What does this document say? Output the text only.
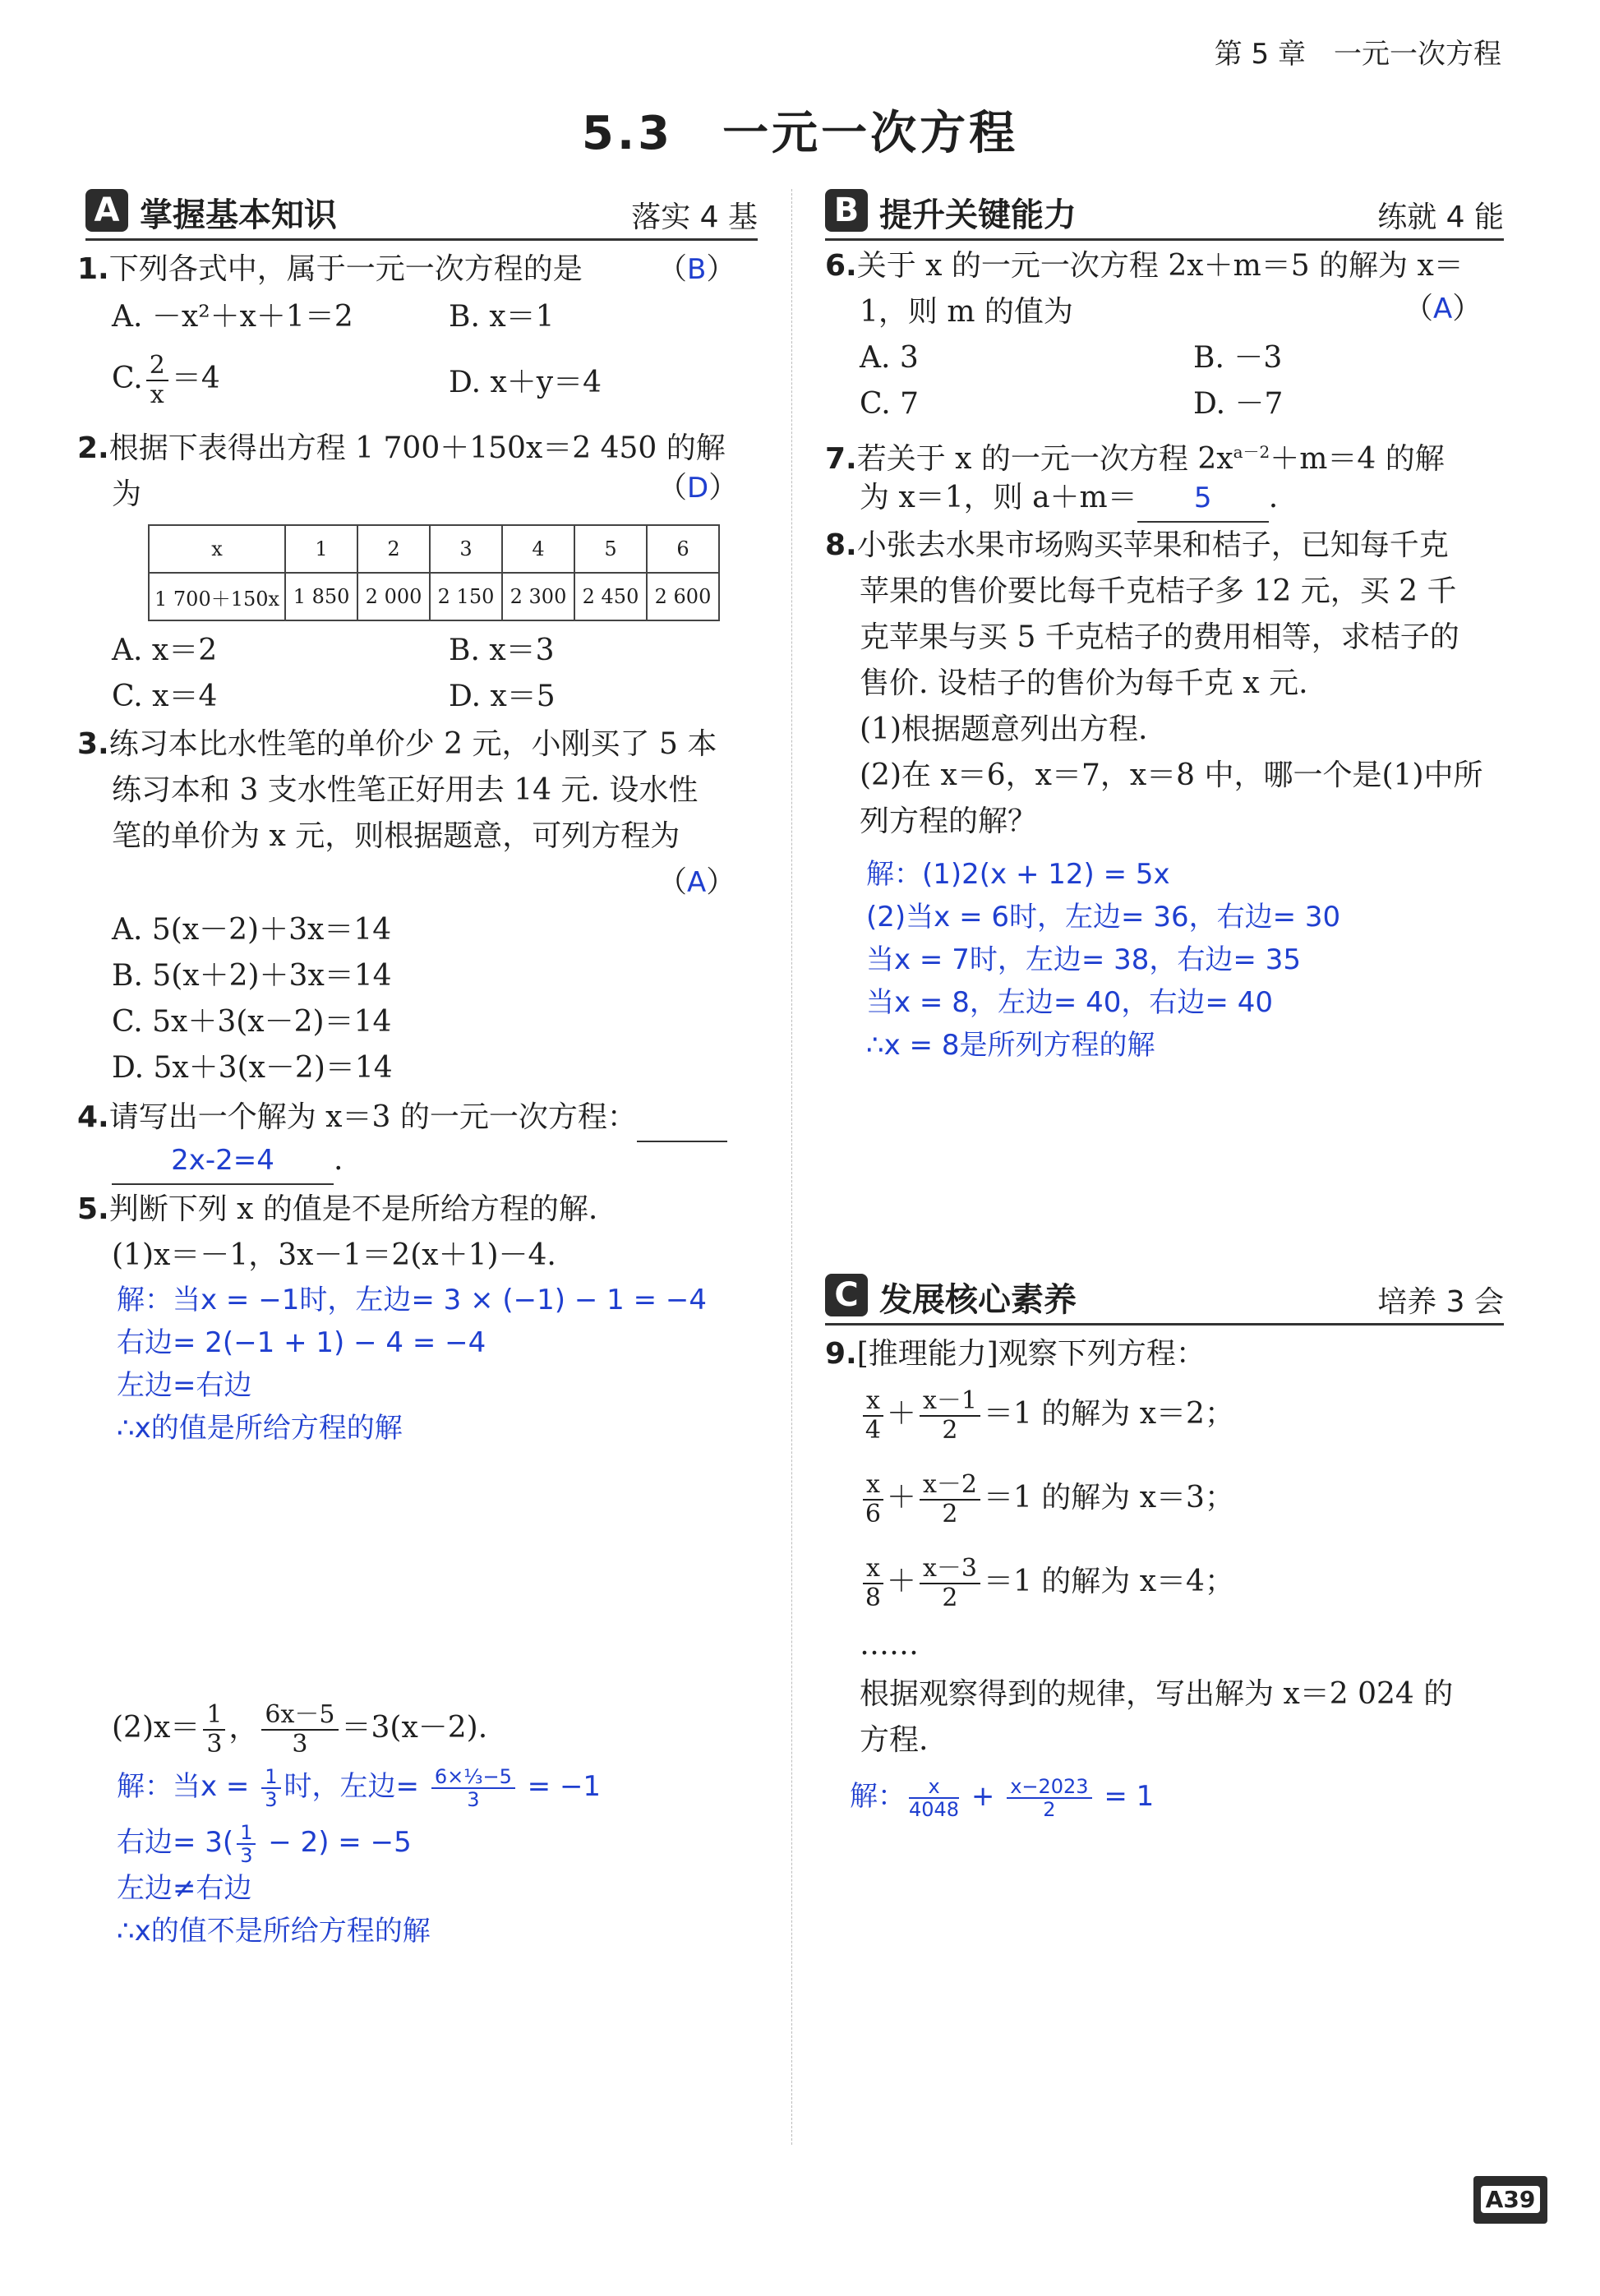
第 5 章　一元一次方程
5.3　一元一次方程
A 掌握基本知识	落实 4 基
1.下列各式中，属于一元一次方程的是	（B）
A. －x²＋x＋1＝2	B. x＝1
C. $\frac{2}{x} =4$	D. x＋y＝4
2.根据下表得出方程 1 700＋150x＝2 450 的解
为	（D）
x	1	2	3	4	5	6
1 700＋150x	1 850	2 000	2 150	2 300	2 450	2 600
A. x＝2	B. x＝3
C. x＝4	D. x＝5
3.练习本比水性笔的单价少 2 元，小刚买了 5 本
练习本和 3 支水性笔正好用去 14 元. 设水性
笔的单价为 x 元，则根据题意，可列方程为
（A）
A. 5(x－2)＋3x＝14
B. 5(x＋2)＋3x＝14
C. 5x＋3(x－2)＝14
D. 5x＋3(x－2)＝14
4.请写出一个解为 x＝3 的一元一次方程：
2x-2=4 .
5.判断下列 x 的值是不是所给方程的解.
(1)x＝－1，3x－1＝2(x＋1)－4.
解：当x = −1时，左边= 3 × (−1) − 1 = −4
右边= 2(−1 + 1) − 4 = −4
左边=右边
∴x的值是所给方程的解
$(2)x= \frac{1}{3}$ ， $\frac{6x-5}{3} =3(x-2)$.
解：当$x = \frac{1}{3}$ 时，左边= $\frac{\text{6×⅓−5}}{3} = -1$
右边= $3( \frac{1}{3} - 2) = -5$
左边≠右边
∴x的值不是所给方程的解
B 提升关键能力	练就 4 能
6.关于 x 的一元一次方程 2x＋m＝5 的解为 x＝
1，则 m 的值为	（A）
A. 3	B. －3
C. 7	D. －7
7.若关于 x 的一元一次方程 $2x^{a-2}+m=4$ 的解
为 x＝1，则 a＋m＝ 5 .
8.小张去水果市场购买苹果和桔子，已知每千克
苹果的售价要比每千克桔子多 12 元，买 2 千
克苹果与买 5 千克桔子的费用相等，求桔子的
售价. 设桔子的售价为每千克 x 元.
(1)根据题意列出方程.
(2)在 x＝6，x＝7，x＝8 中，哪一个是(1)中所
列方程的解？
解：(1)2(x + 12) = 5x
(2)当x = 6时，左边= 36，右边= 30
当x = 7时，左边= 38，右边= 35
当x = 8，左边= 40，右边= 40
∴x = 8是所列方程的解
C 发展核心素养	培养 3 会
9.[推理能力]观察下列方程：
$\frac{x}{4} + \frac{x-1}{2} =1$ 的解为 x＝2；
$\frac{x}{6} + \frac{x-2}{2} =1$ 的解为 x＝3；
$\frac{x}{8} + \frac{x-3}{2} =1$ 的解为 x＝4；
……
根据观察得到的规律，写出解为 x＝2 024 的
方程.
解： $\frac{x}{4048} + \frac{x-2023}{2} = 1$
A39
